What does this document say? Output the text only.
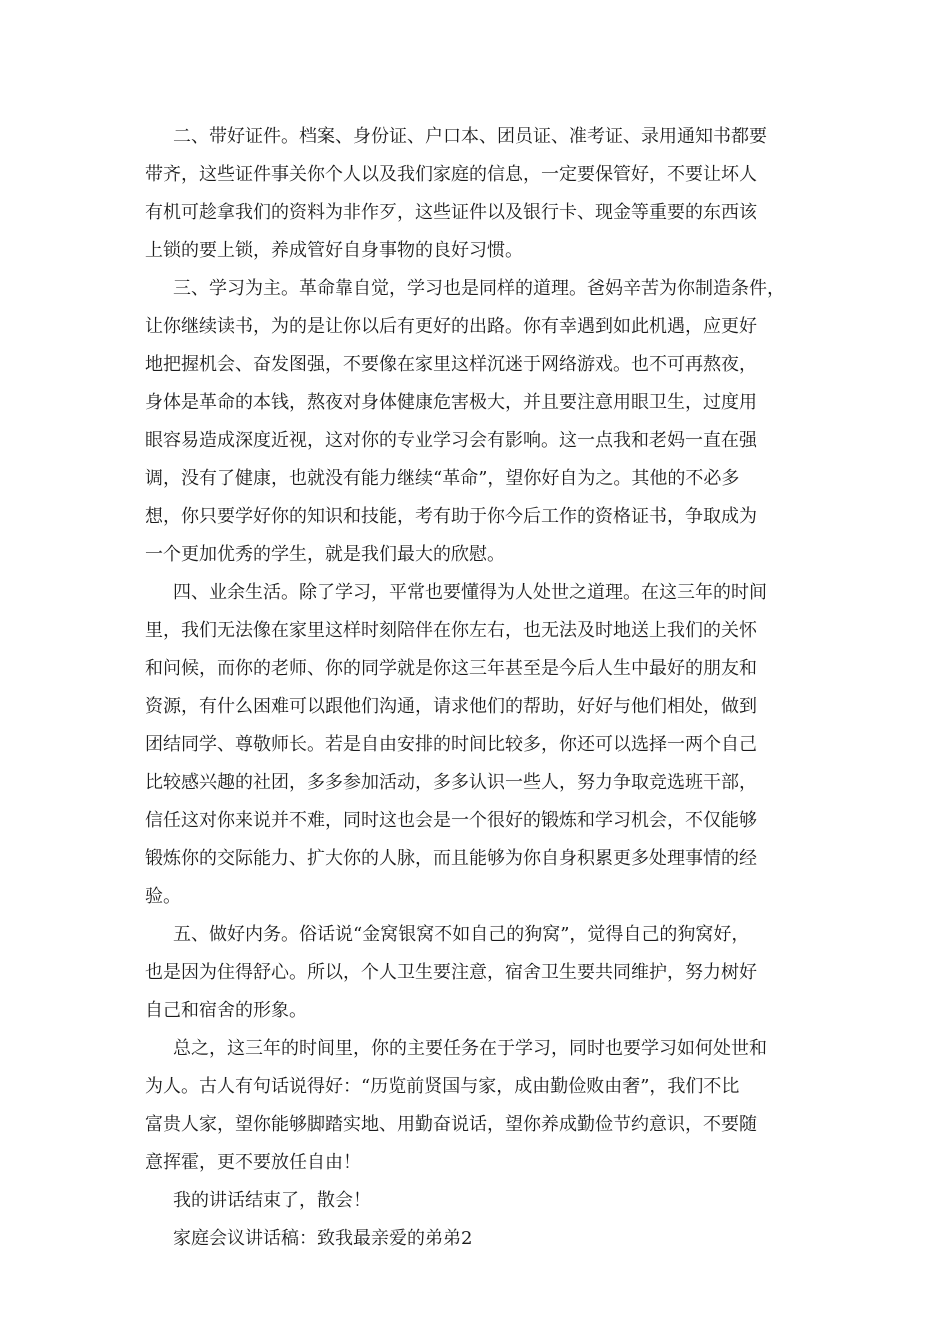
二、带好证件。档案、身份证、户口本、团员证、准考证、录用通知书都要
带齐，这些证件事关你个人以及我们家庭的信息，一定要保管好，不要让坏人
有机可趁拿我们的资料为非作歹，这些证件以及银行卡、现金等重要的东西该
上锁的要上锁，养成管好自身事物的良好习惯。
三、学习为主。革命靠自觉，学习也是同样的道理。爸妈辛苦为你制造条件，
让你继续读书，为的是让你以后有更好的出路。你有幸遇到如此机遇，应更好
地把握机会、奋发图强，不要像在家里这样沉迷于网络游戏。也不可再熬夜，
身体是革命的本钱，熬夜对身体健康危害极大，并且要注意用眼卫生，过度用
眼容易造成深度近视，这对你的专业学习会有影响。这一点我和老妈一直在强
调，没有了健康，也就没有能力继续“革命”，望你好自为之。其他的不必多
想，你只要学好你的知识和技能，考有助于你今后工作的资格证书，争取成为
一个更加优秀的学生，就是我们最大的欣慰。
四、业余生活。除了学习，平常也要懂得为人处世之道理。在这三年的时间
里，我们无法像在家里这样时刻陪伴在你左右，也无法及时地送上我们的关怀
和问候，而你的老师、你的同学就是你这三年甚至是今后人生中最好的朋友和
资源，有什么困难可以跟他们沟通，请求他们的帮助，好好与他们相处，做到
团结同学、尊敬师长。若是自由安排的时间比较多，你还可以选择一两个自己
比较感兴趣的社团，多多参加活动，多多认识一些人，努力争取竞选班干部，
信任这对你来说并不难，同时这也会是一个很好的锻炼和学习机会，不仅能够
锻炼你的交际能力、扩大你的人脉，而且能够为你自身积累更多处理事情的经
验。
五、做好内务。俗话说“金窝银窝不如自己的狗窝”，觉得自己的狗窝好，
也是因为住得舒心。所以，个人卫生要注意，宿舍卫生要共同维护，努力树好
自己和宿舍的形象。
总之，这三年的时间里，你的主要任务在于学习，同时也要学习如何处世和
为人。古人有句话说得好：“历览前贤国与家，成由勤俭败由奢”，我们不比
富贵人家，望你能够脚踏实地、用勤奋说话，望你养成勤俭节约意识，不要随
意挥霍，更不要放任自由！
我的讲话结束了，散会！
家庭会议讲话稿：致我最亲爱的弟弟2
